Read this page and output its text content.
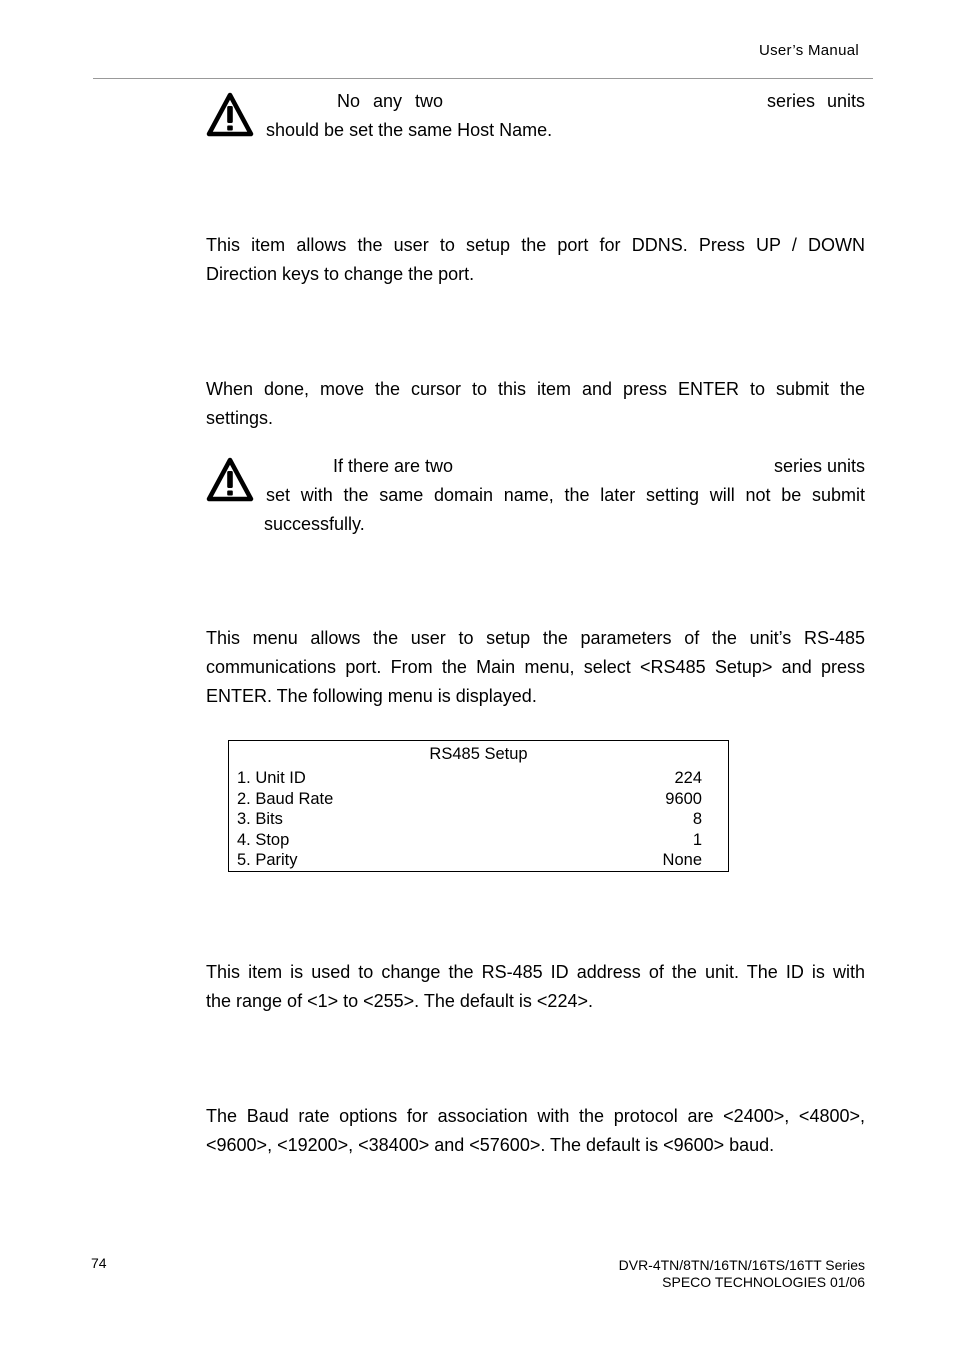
User’s Manual
No any two	series units
should be set the same Host Name.
This item allows the user to setup the port for DDNS. Press UP / DOWN
Direction keys to change the port.
When done, move the cursor to this item and press ENTER to submit the
settings.
If there are two	series units
set with the same domain name, the later setting will not be submit
successfully.
This menu allows the user to setup the parameters of the unit’s RS-485
communications port. From the Main menu, select <RS485 Setup> and press
ENTER. The following menu is displayed.
RS485 Setup
1. Unit ID	224
2. Baud Rate	9600
3. Bits	8
4. Stop	1
5. Parity	None
This item is used to change the RS-485 ID address of the unit. The ID is with
the range of <1> to <255>. The default is <224>.
The Baud rate options for association with the protocol are <2400>, <4800>,
<9600>, <19200>, <38400> and <57600>. The default is <9600> baud.
74	DVR-4TN/8TN/16TN/16TS/16TT Series
SPECO TECHNOLOGIES 01/06
